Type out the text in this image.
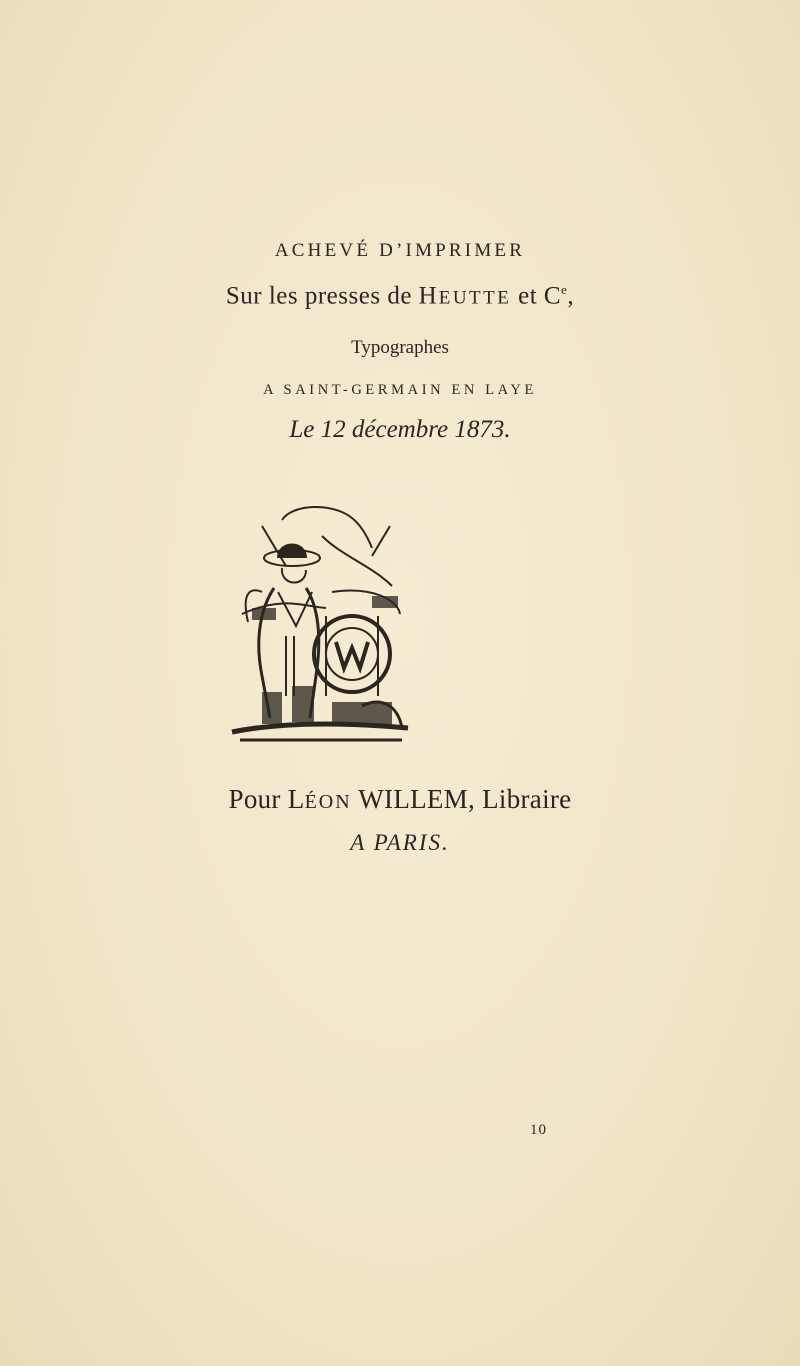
ACHEVÉ D’IMPRIMER
Sur les presses de HEUTTE et Ce,
Typographes
A SAINT-GERMAIN EN LAYE
Le 12 décembre 1873.
Pour LÉON WILLEM, Libraire
A PARIS.
10
